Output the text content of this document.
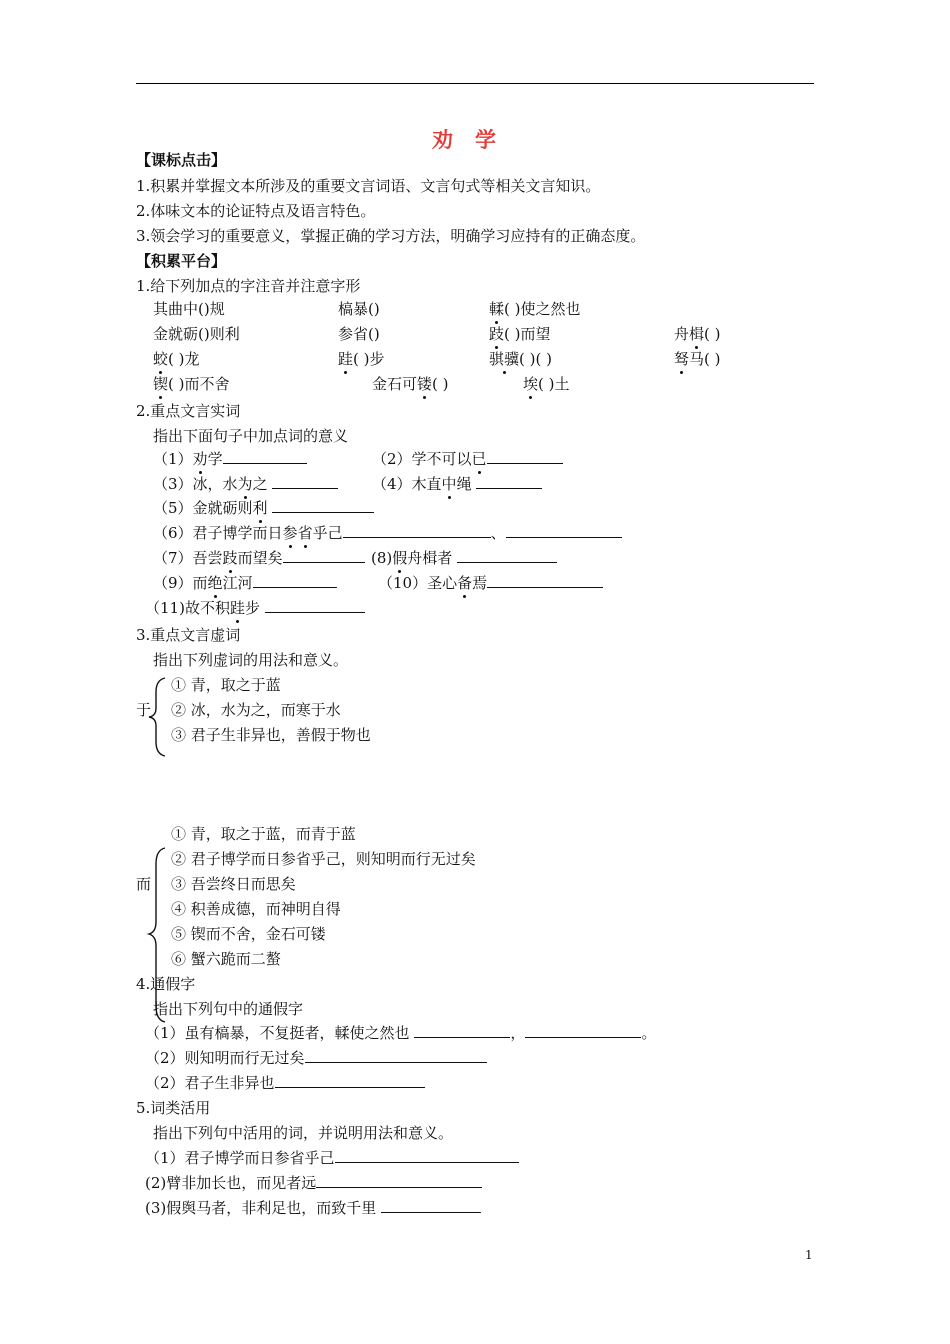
劝学
【课标点击】
1.积累并掌握文本所涉及的重要文言词语、文言句式等相关文言知识。
2.体味文本的论证特点及语言特色。
3.领会学习的重要意义，掌握正确的学习方法，明确学习应持有的正确态度。
【积累平台】
1.给下列加点的字注音并注意字形
其曲中()规	槁暴()	輮( )使之然也
金就砺()则利	参省()	跂( )而望	舟楫( )
蛟( )龙	跬( )步	骐骥( )( )	驽马( )
锲( )而不舍	金石可镂( )	埃( )土
2.重点文言实词
指出下面句子中加点词的意义
（1）劝学	（2）学不可以已
（3）冰，水为之	（4）木直中绳
（5）金就砺则利
（6）君子博学而日参省乎己	、
（7）吾尝跂而望矣	(8)假舟楫者
（9）而绝江河	（10）圣心备焉
（11)故不积跬步
3.重点文言虚词
指出下列虚词的用法和意义。
于
① 青，取之于蓝
② 冰，水为之，而寒于水
③ 君子生非异也，善假于物也
而
① 青，取之于蓝，而青于蓝
② 君子博学而日参省乎己，则知明而行无过矣
③ 吾尝终日而思矣
④ 积善成德，而神明自得
⑤ 锲而不舍，金石可镂
⑥ 蟹六跪而二螯
4.通假字
指出下列句中的通假字
（1）虽有槁暴，不复挺者，輮使之然也	，	。
（2）则知明而行无过矣
（2）君子生非异也
5.词类活用
指出下列句中活用的词，并说明用法和意义。
（1）君子博学而日参省乎己
(2)臂非加长也，而见者远
(3)假舆马者，非利足也，而致千里
1
